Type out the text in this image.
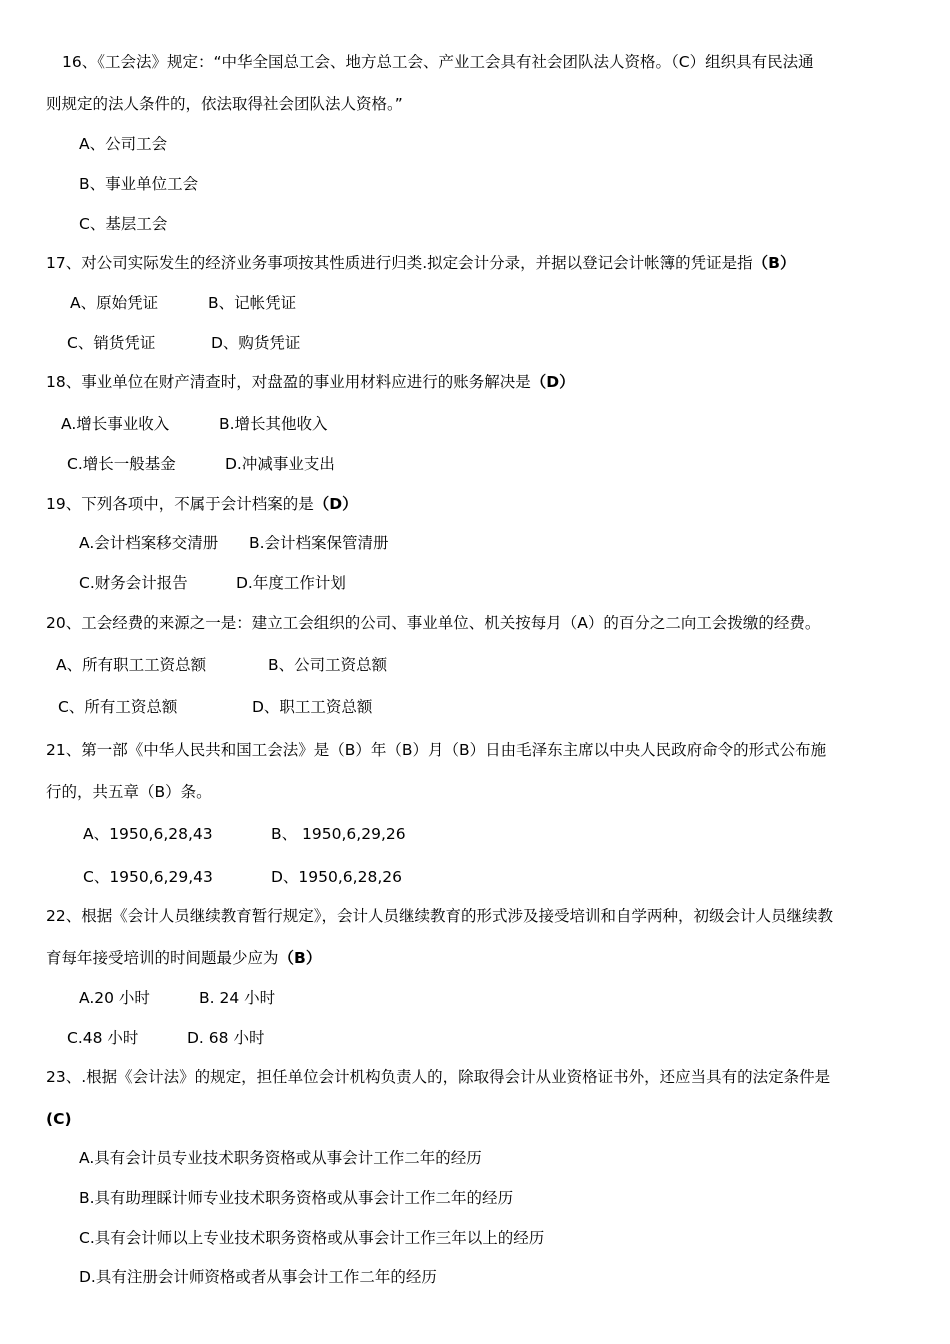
16、《工会法》规定：“中华全国总工会、地方总工会、产业工会具有社会团队法人资格。（C）组织具有民法通
则规定的法人条件的，依法取得社会团队法人资格。”
A、公司工会
B、事业单位工会
C、基层工会
17、对公司实际发生的经济业务事项按其性质进行归类.拟定会计分录，并据以登记会计帐簿的凭证是指（B）
A、原始凭证	B、记帐凭证
C、销货凭证	D、购货凭证
18、事业单位在财产清查时，对盘盈的事业用材料应进行的账务解决是（D）
A.增长事业收入	B.增长其他收入
C.增长一般基金	D.冲减事业支出
19、下列各项中，不属于会计档案的是（D）
A.会计档案移交清册 B.会计档案保管清册
C.财务会计报告	D.年度工作计划
20、工会经费的来源之一是：建立工会组织的公司、事业单位、机关按每月（A）的百分之二向工会拨缴的经费。
A、所有职工工资总额	B、公司工资总额
C、所有工资总额	D、职工工资总额
21、第一部《中华人民共和国工会法》是（B）年（B）月（B）日由毛泽东主席以中央人民政府命令的形式公布施
行的，共五章（B）条。
A、1950,6,28,43	B、 1950,6,29,26
C、1950,6,29,43	D、1950,6,28,26
22、根据《会计人员继续教育暂行规定》，会计人员继续教育的形式涉及接受培训和自学两种，初级会计人员继续教
育每年接受培训的时间题最少应为（B）
A.20 小时	B. 24 小时
C.48 小时	D. 68 小时
23、.根据《会计法》的规定，担任单位会计机构负责人的，除取得会计从业资格证书外，还应当具有的法定条件是
(C)
A.具有会计员专业技术职务资格或从事会计工作二年的经历
B.具有助理睬计师专业技术职务资格或从事会计工作二年的经历
C.具有会计师以上专业技术职务资格或从事会计工作三年以上的经历
D.具有注册会计师资格或者从事会计工作二年的经历
